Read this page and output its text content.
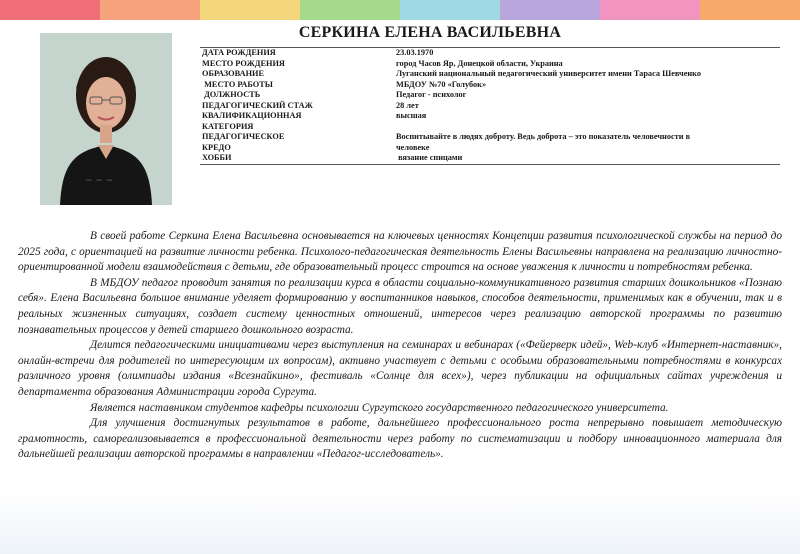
СЕРКИНА ЕЛЕНА ВАСИЛЬЕВНА
~ ~ ~
ДАТА РОЖДЕНИЯ	23.03.1970
МЕСТО РОЖДЕНИЯ	город Часов Яр, Донецкой области, Украина
ОБРАЗОВАНИЕ	Луганский национальный педагогический университет имени Тараса Шевченко
МЕСТО РАБОТЫ	МБДОУ №70 «Голубок»
ДОЛЖНОСТЬ	Педагог - психолог
ПЕДАГОГИЧЕСКИЙ СТАЖ	28 лет
КВАЛИФИКАЦИОННАЯ	высшая
КАТЕГОРИЯ	
ПЕДАГОГИЧЕСКОЕ	Воспитывайте в людях доброту. Ведь доброта – это показатель человечности в
КРЕДО	человеке
ХОББИ	вязание спицами

В своей работе Серкина Елена Васильевна основывается на ключевых ценностях Концепции развития психологической службы на период до 2025 года, с ориентацией на развитие личности ребенка. Психолого-педагогическая деятельность Елены Васильевны направлена на реализацию личностно-ориентированной модели взаимодействия с детьми, где образовательный процесс строится на основе уважения к личности и потребностям ребенка.

В МБДОУ педагог проводит занятия по реализации курса в области социально-коммуникативного развития старших дошкольников «Познаю себя». Елена Васильевна большое внимание уделяет формированию у воспитанников навыков, способов деятельности, применимых как в обучении, так и в реальных жизненных ситуациях, создает систему ценностных отношений, интересов через реализацию авторской программы по развитию познавательных процессов у детей старшего дошкольного возраста.

Делится педагогическими инициативами через выступления на семинарах и вебинарах («Фейерверк идей», Web-клуб «Интернет-наставник», онлайн-встречи для родителей по интересующим их вопросам), активно участвует с детьми с особыми образовательными потребностями в конкурсах различного уровня (олимпиады издания «Всезнайкино», фестиваль «Солнце для всех»), через публикации на официальных сайтах учреждения и департамента образования Администрации города Сургута.

Является наставником студентов кафедры психологии Сургутского государственного педагогического университета.

Для улучшения достигнутых результатов в работе, дальнейшего профессионального роста непрерывно повышает методическую грамотность, самореализовывается в профессиональной деятельности через работу по систематизации и подбору инновационного материала для дальнейшей реализации авторской программы в направлении «Педагог-исследователь».
